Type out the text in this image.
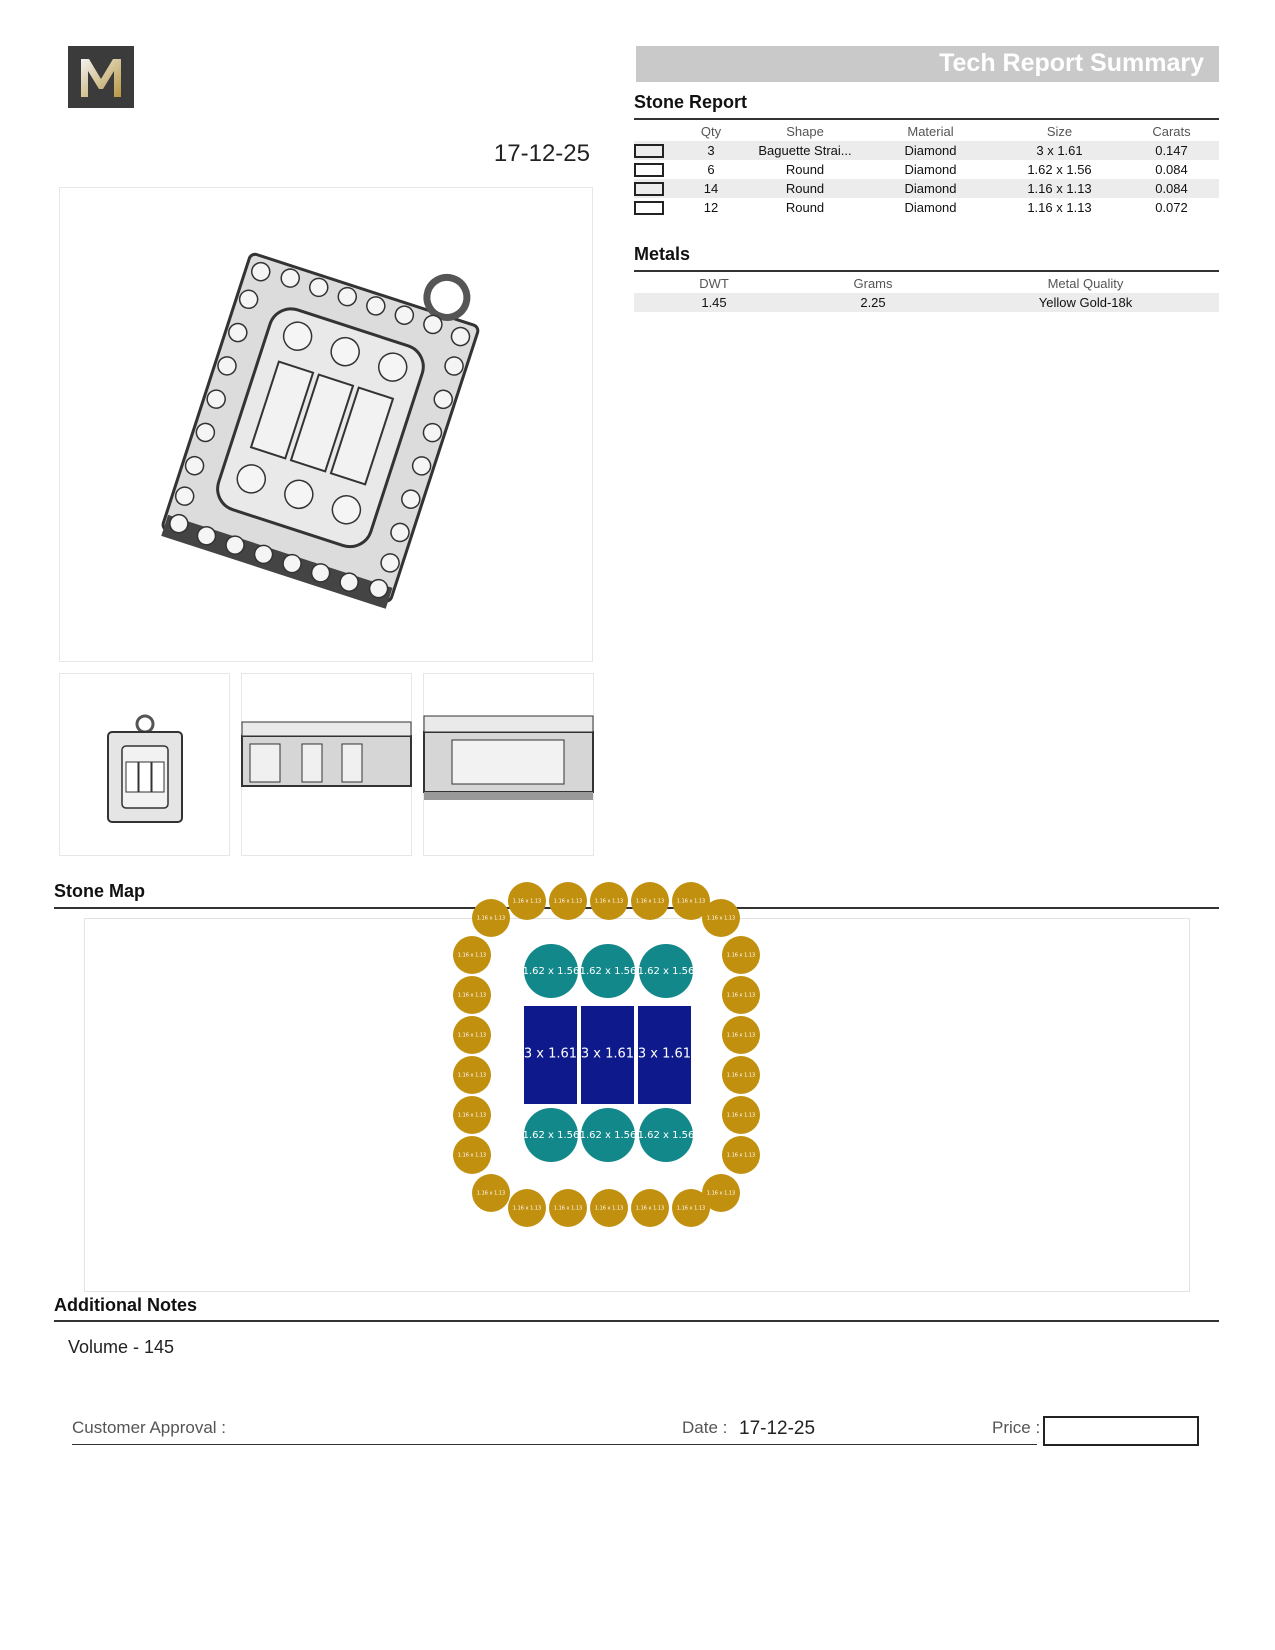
17-12-25
Tech Report Summary
Stone Report
	Qty	Shape	Material	Size	Carats
	3	Baguette Strai...	Diamond	3 x 1.61	0.147
	6	Round	Diamond	1.62 x 1.56	0.084
	14	Round	Diamond	1.16 x 1.13	0.084
	12	Round	Diamond	1.16 x 1.13	0.072
Metals
DWT	Grams	Metal Quality
1.45	2.25	Yellow Gold-18k
Stone Map
1.16 x 1.13	1.16 x 1.13	1.16 x 1.13	1.16 x 1.13	1.16 x 1.13
1.16 x 1.13	1.16 x 1.13	1.16 x 1.13	1.16 x 1.13	1.16 x 1.13
1.16 x 1.13	1.16 x 1.13
1.16 x 1.13	1.16 x 1.13
1.16 x 1.13	1.16 x 1.13
1.16 x 1.13	1.16 x 1.13
1.16 x 1.13	1.16 x 1.13
1.16 x 1.13	1.16 x 1.13
1.16 x 1.13	1.16 x 1.13
1.16 x 1.13	1.16 x 1.13
1.62 x 1.56
1.62 x 1.56
1.62 x 1.56
1.62 x 1.56
1.62 x 1.56
1.62 x 1.56
3 x 1.61 3 x 1.61 3 x 1.61
Additional Notes
Volume - 145
Customer Approval :	Date : 17-12-25	Price :
